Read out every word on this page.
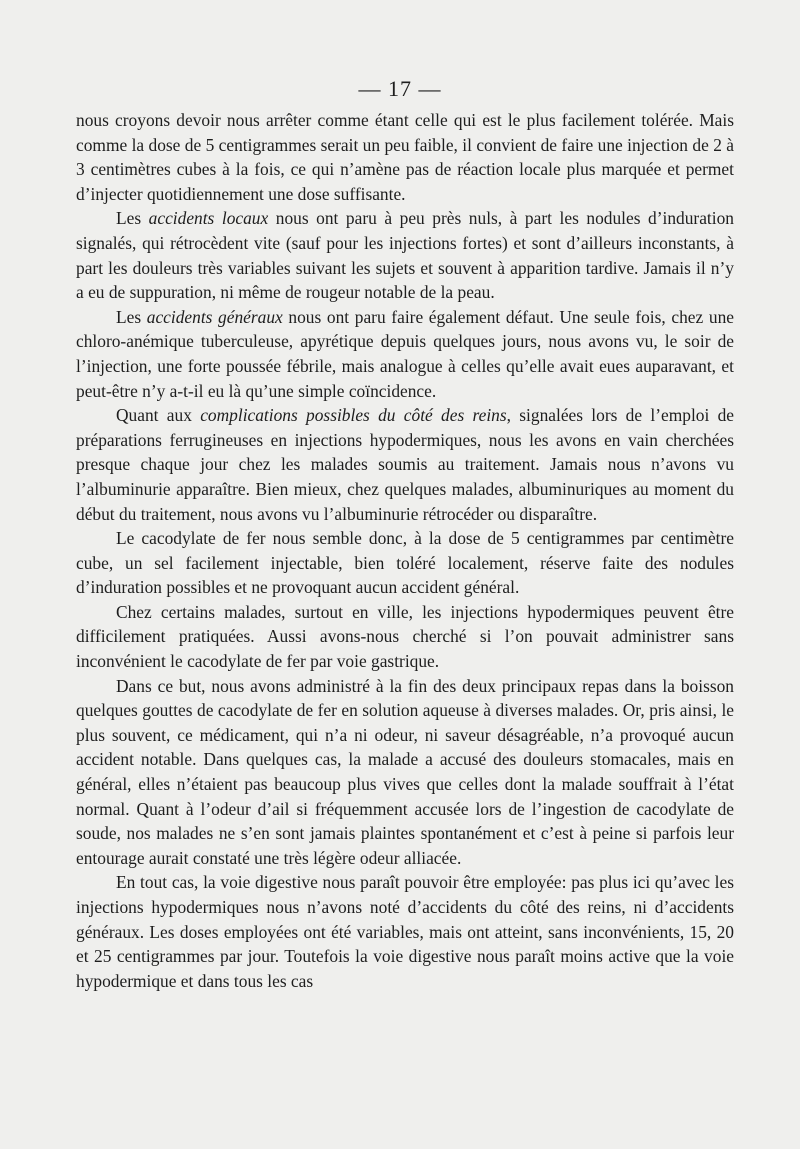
— 17 —

nous croyons devoir nous arrêter comme étant celle qui est le plus facilement tolérée. Mais comme la dose de 5 centigrammes serait un peu faible, il convient de faire une injection de 2 à 3 centimètres cubes à la fois, ce qui n’amène pas de réaction locale plus marquée et permet d’injecter quotidiennement une dose suffisante.

Les accidents locaux nous ont paru à peu près nuls, à part les nodules d’induration signalés, qui rétrocèdent vite (sauf pour les injections fortes) et sont d’ailleurs inconstants, à part les douleurs très variables suivant les sujets et souvent à apparition tardive. Jamais il n’y a eu de suppuration, ni même de rougeur notable de la peau.

Les accidents généraux nous ont paru faire également défaut. Une seule fois, chez une chloro-anémique tuberculeuse, apyrétique depuis quelques jours, nous avons vu, le soir de l’injection, une forte poussée fébrile, mais analogue à celles qu’elle avait eues auparavant, et peut-être n’y a-t-il eu là qu’une simple coïncidence.

Quant aux complications possibles du côté des reins, signalées lors de l’emploi de préparations ferrugineuses en injections hypodermiques, nous les avons en vain cherchées presque chaque jour chez les malades soumis au traitement. Jamais nous n’avons vu l’albuminurie apparaître. Bien mieux, chez quelques malades, albuminuriques au moment du début du traitement, nous avons vu l’albuminurie rétrocéder ou disparaître.

Le cacodylate de fer nous semble donc, à la dose de 5 centigrammes par centimètre cube, un sel facilement injectable, bien toléré localement, réserve faite des nodules d’induration possibles et ne provoquant aucun accident général.

Chez certains malades, surtout en ville, les injections hypodermiques peuvent être difficilement pratiquées. Aussi avons-nous cherché si l’on pouvait administrer sans inconvénient le cacodylate de fer par voie gastrique.

Dans ce but, nous avons administré à la fin des deux principaux repas dans la boisson quelques gouttes de cacodylate de fer en solution aqueuse à diverses malades. Or, pris ainsi, le plus souvent, ce médicament, qui n’a ni odeur, ni saveur désagréable, n’a provoqué aucun accident notable. Dans quelques cas, la malade a accusé des douleurs stomacales, mais en général, elles n’étaient pas beaucoup plus vives que celles dont la malade souffrait à l’état normal. Quant à l’odeur d’ail si fréquemment accusée lors de l’ingestion de cacodylate de soude, nos malades ne s’en sont jamais plaintes spontanément et c’est à peine si parfois leur entourage aurait constaté une très légère odeur alliacée.

En tout cas, la voie digestive nous paraît pouvoir être employée: pas plus ici qu’avec les injections hypodermiques nous n’avons noté d’accidents du côté des reins, ni d’accidents généraux. Les doses employées ont été variables, mais ont atteint, sans inconvénients, 15, 20 et 25 centigrammes par jour. Toutefois la voie digestive nous paraît moins active que la voie hypodermique et dans tous les cas
